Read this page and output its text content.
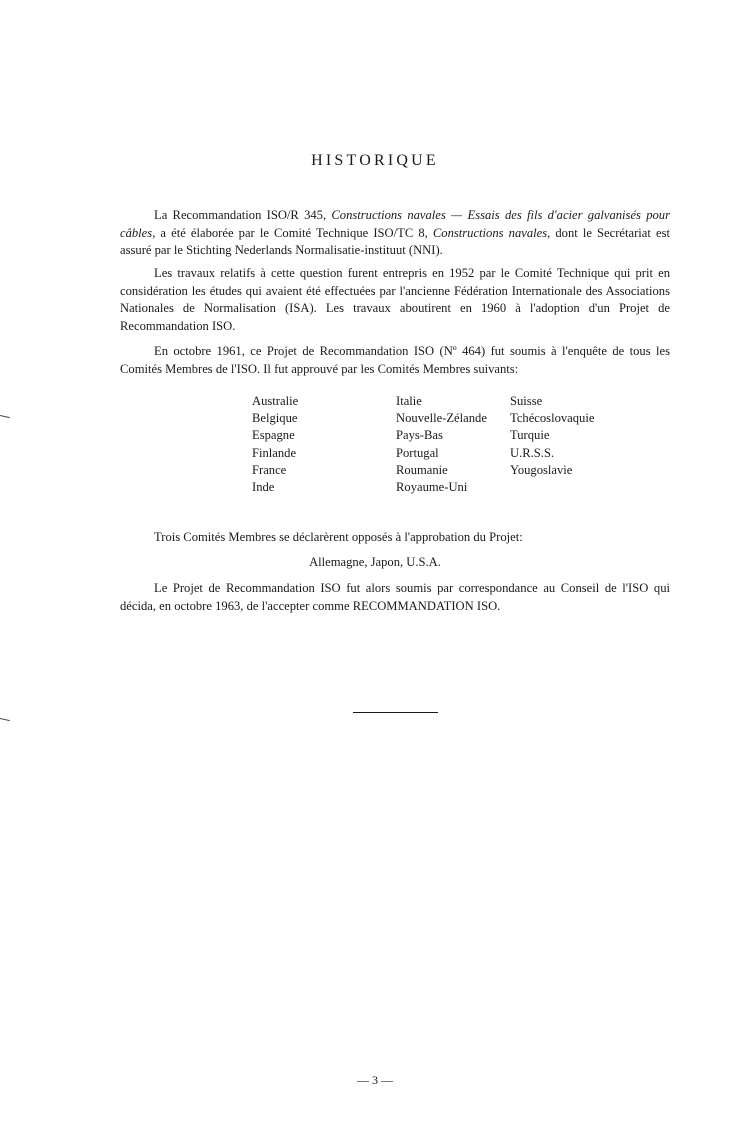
HISTORIQUE

La Recommandation ISO/R 345, Constructions navales — Essais des fils d'acier galvanisés pour câbles, a été élaborée par le Comité Technique ISO/TC 8, Constructions navales, dont le Secrétariat est assuré par le Stichting Nederlands Normalisatie-instituut (NNI).

Les travaux relatifs à cette question furent entrepris en 1952 par le Comité Technique qui prit en considération les études qui avaient été effectuées par l'ancienne Fédération Internationale des Associations Nationales de Normalisation (ISA). Les travaux aboutirent en 1960 à l'adoption d'un Projet de Recommandation ISO.

En octobre 1961, ce Projet de Recommandation ISO (Nº 464) fut soumis à l'enquête de tous les Comités Membres de l'ISO. Il fut approuvé par les Comités Membres suivants:

Australie
Belgique
Espagne
Finlande
France
Inde
Italie
Nouvelle-Zélande
Pays-Bas
Portugal
Roumanie
Royaume-Uni
Suisse
Tchécoslovaquie
Turquie
U.R.S.S.
Yougoslavie

Trois Comités Membres se déclarèrent opposés à l'approbation du Projet:

Allemagne, Japon, U.S.A.

Le Projet de Recommandation ISO fut alors soumis par correspondance au Conseil de l'ISO qui décida, en octobre 1963, de l'accepter comme RECOMMANDATION ISO.

— 3 —
